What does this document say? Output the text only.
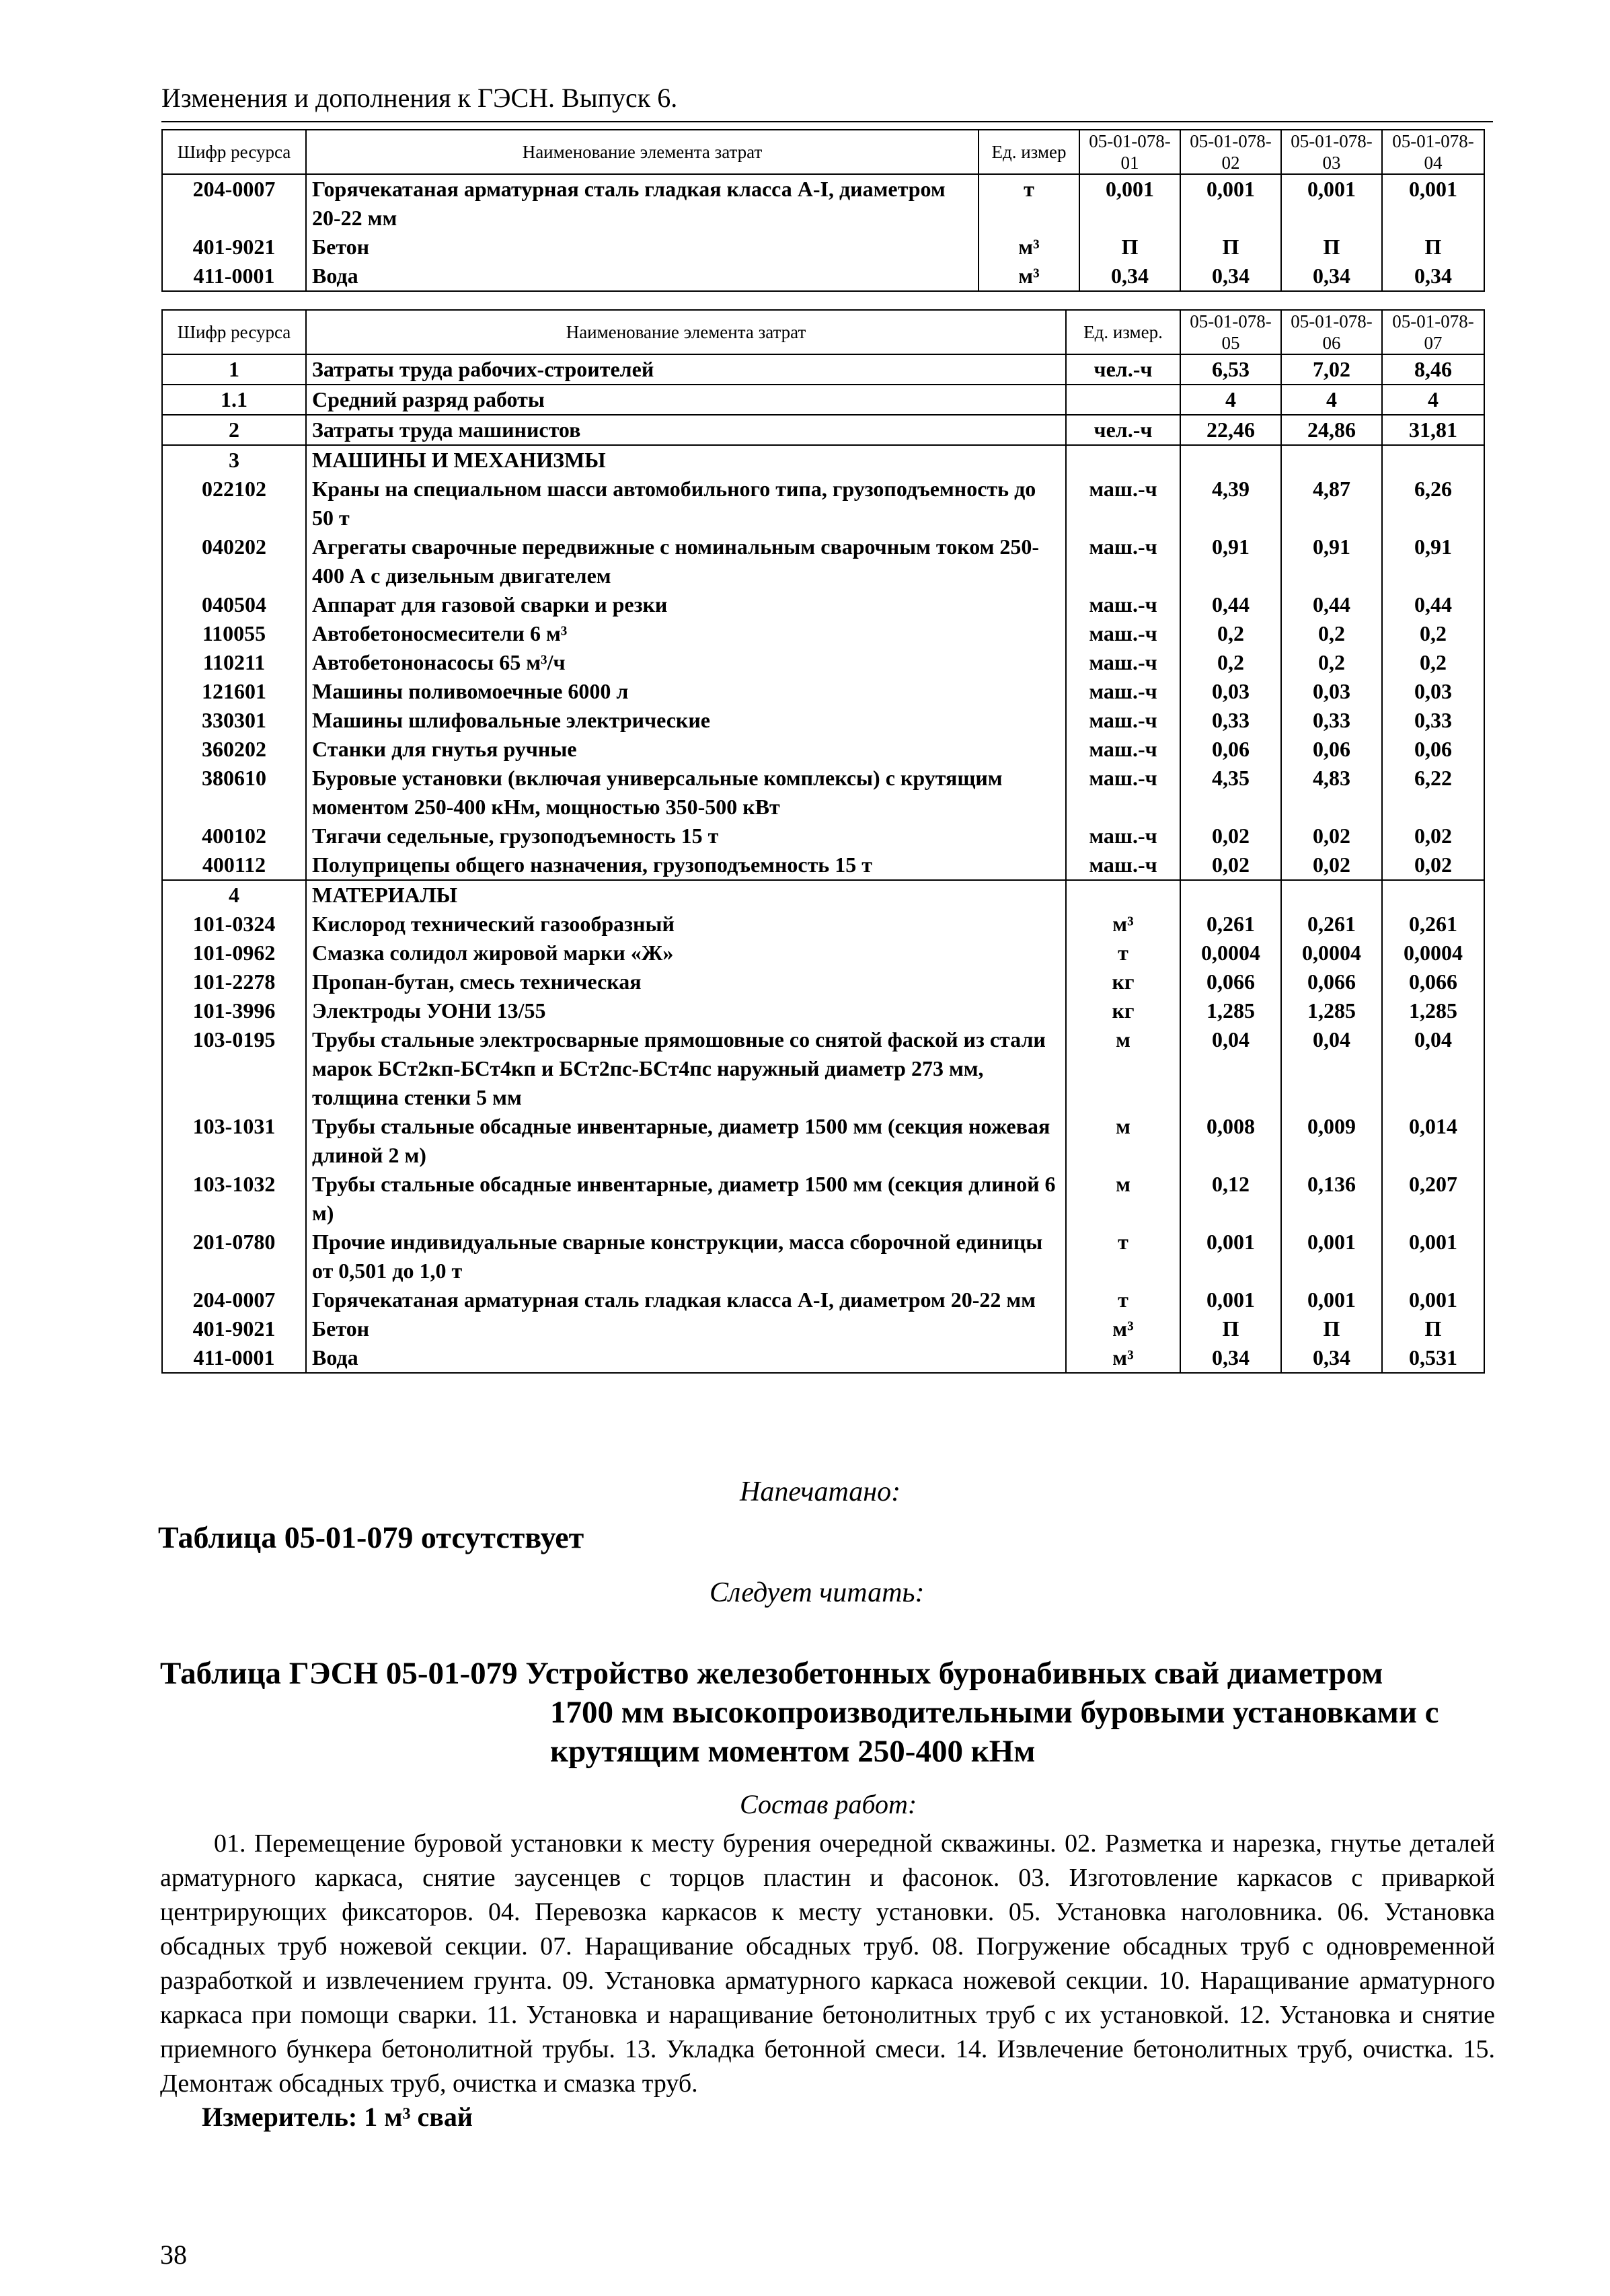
Изменения и дополнения к ГЭСН. Выпуск 6.
Шифр ресурса	Наименование элемента затрат	Ед. измер	05-01-078-01	05-01-078-02	05-01-078-03	05-01-078-04
204-0007	Горячекатаная арматурная сталь гладкая класса А-I, диаметром 20-22 мм	т	0,001	0,001	0,001	0,001
401-9021	Бетон	м³	П	П	П	П
411-0001	Вода	м³	0,34	0,34	0,34	0,34
Шифр ресурса	Наименование элемента затрат	Ед. измер.	05-01-078-05	05-01-078-06	05-01-078-07
1	Затраты труда рабочих-строителей	чел.-ч	6,53	7,02	8,46
1.1	Средний разряд работы		4	4	4
2	Затраты труда машинистов	чел.-ч	22,46	24,86	31,81
3	МАШИНЫ И МЕХАНИЗМЫ				
022102	Краны на специальном шасси автомобильного типа, грузоподъемность до 50 т	маш.-ч	4,39	4,87	6,26
040202	Агрегаты сварочные передвижные с номинальным сварочным током 250-400 А с дизельным двигателем	маш.-ч	0,91	0,91	0,91
040504	Аппарат для газовой сварки и резки	маш.-ч	0,44	0,44	0,44
110055	Автобетоносмесители 6 м³	маш.-ч	0,2	0,2	0,2
110211	Автобетононасосы 65 м³/ч	маш.-ч	0,2	0,2	0,2
121601	Машины поливомоечные 6000 л	маш.-ч	0,03	0,03	0,03
330301	Машины шлифовальные электрические	маш.-ч	0,33	0,33	0,33
360202	Станки для гнутья ручные	маш.-ч	0,06	0,06	0,06
380610	Буровые установки (включая универсальные комплексы) с крутящим моментом 250-400 кНм, мощностью 350-500 кВт	маш.-ч	4,35	4,83	6,22
400102	Тягачи седельные, грузоподъемность 15 т	маш.-ч	0,02	0,02	0,02
400112	Полуприцепы общего назначения, грузоподъемность 15 т	маш.-ч	0,02	0,02	0,02
4	МАТЕРИАЛЫ				
101-0324	Кислород технический газообразный	м³	0,261	0,261	0,261
101-0962	Смазка солидол жировой марки «Ж»	т	0,0004	0,0004	0,0004
101-2278	Пропан-бутан, смесь техническая	кг	0,066	0,066	0,066
101-3996	Электроды УОНИ 13/55	кг	1,285	1,285	1,285
103-0195	Трубы стальные электросварные прямошовные со снятой фаской из стали марок БСт2кп-БСт4кп и БСт2пс-БСт4пс наружный диаметр 273 мм, толщина стенки 5 мм	м	0,04	0,04	0,04
103-1031	Трубы стальные обсадные инвентарные, диаметр 1500 мм (секция ножевая длиной 2 м)	м	0,008	0,009	0,014
103-1032	Трубы стальные обсадные инвентарные, диаметр 1500 мм (секция длиной 6 м)	м	0,12	0,136	0,207
201-0780	Прочие индивидуальные сварные конструкции, масса сборочной единицы от 0,501 до 1,0 т	т	0,001	0,001	0,001
204-0007	Горячекатаная арматурная сталь гладкая класса А-I, диаметром 20-22 мм	т	0,001	0,001	0,001
401-9021	Бетон	м³	П	П	П
411-0001	Вода	м³	0,34	0,34	0,531
Напечатано:
Таблица 05-01-079 отсутствует
Следует читать:
Таблица ГЭСН 05-01-079 Устройство железобетонных буронабивных свай диаметром
1700 мм высокопроизводительными буровыми установками с крутящим моментом 250-400 кНм
Состав работ:
01. Перемещение буровой установки к месту бурения очередной скважины. 02. Разметка и нарезка, гнутье деталей арматурного каркаса, снятие заусенцев с торцов пластин и фасонок. 03. Изготовление каркасов с приваркой центрирующих фиксаторов. 04. Перевозка каркасов к месту установки. 05. Установка наголовника. 06. Установка обсадных труб ножевой секции. 07. Наращивание обсадных труб. 08. Погружение обсадных труб с одновременной разработкой и извлечением грунта. 09. Установка арматурного каркаса ножевой секции. 10. Наращивание арматурного каркаса при помощи сварки. 11. Установка и наращивание бетонолитных труб с их установкой. 12. Установка и снятие приемного бункера бетонолитной трубы. 13. Укладка бетонной смеси. 14. Извлечение бетонолитных труб, очистка. 15. Демонтаж обсадных труб, очистка и смазка труб.
Измеритель: 1 м³ свай
38
